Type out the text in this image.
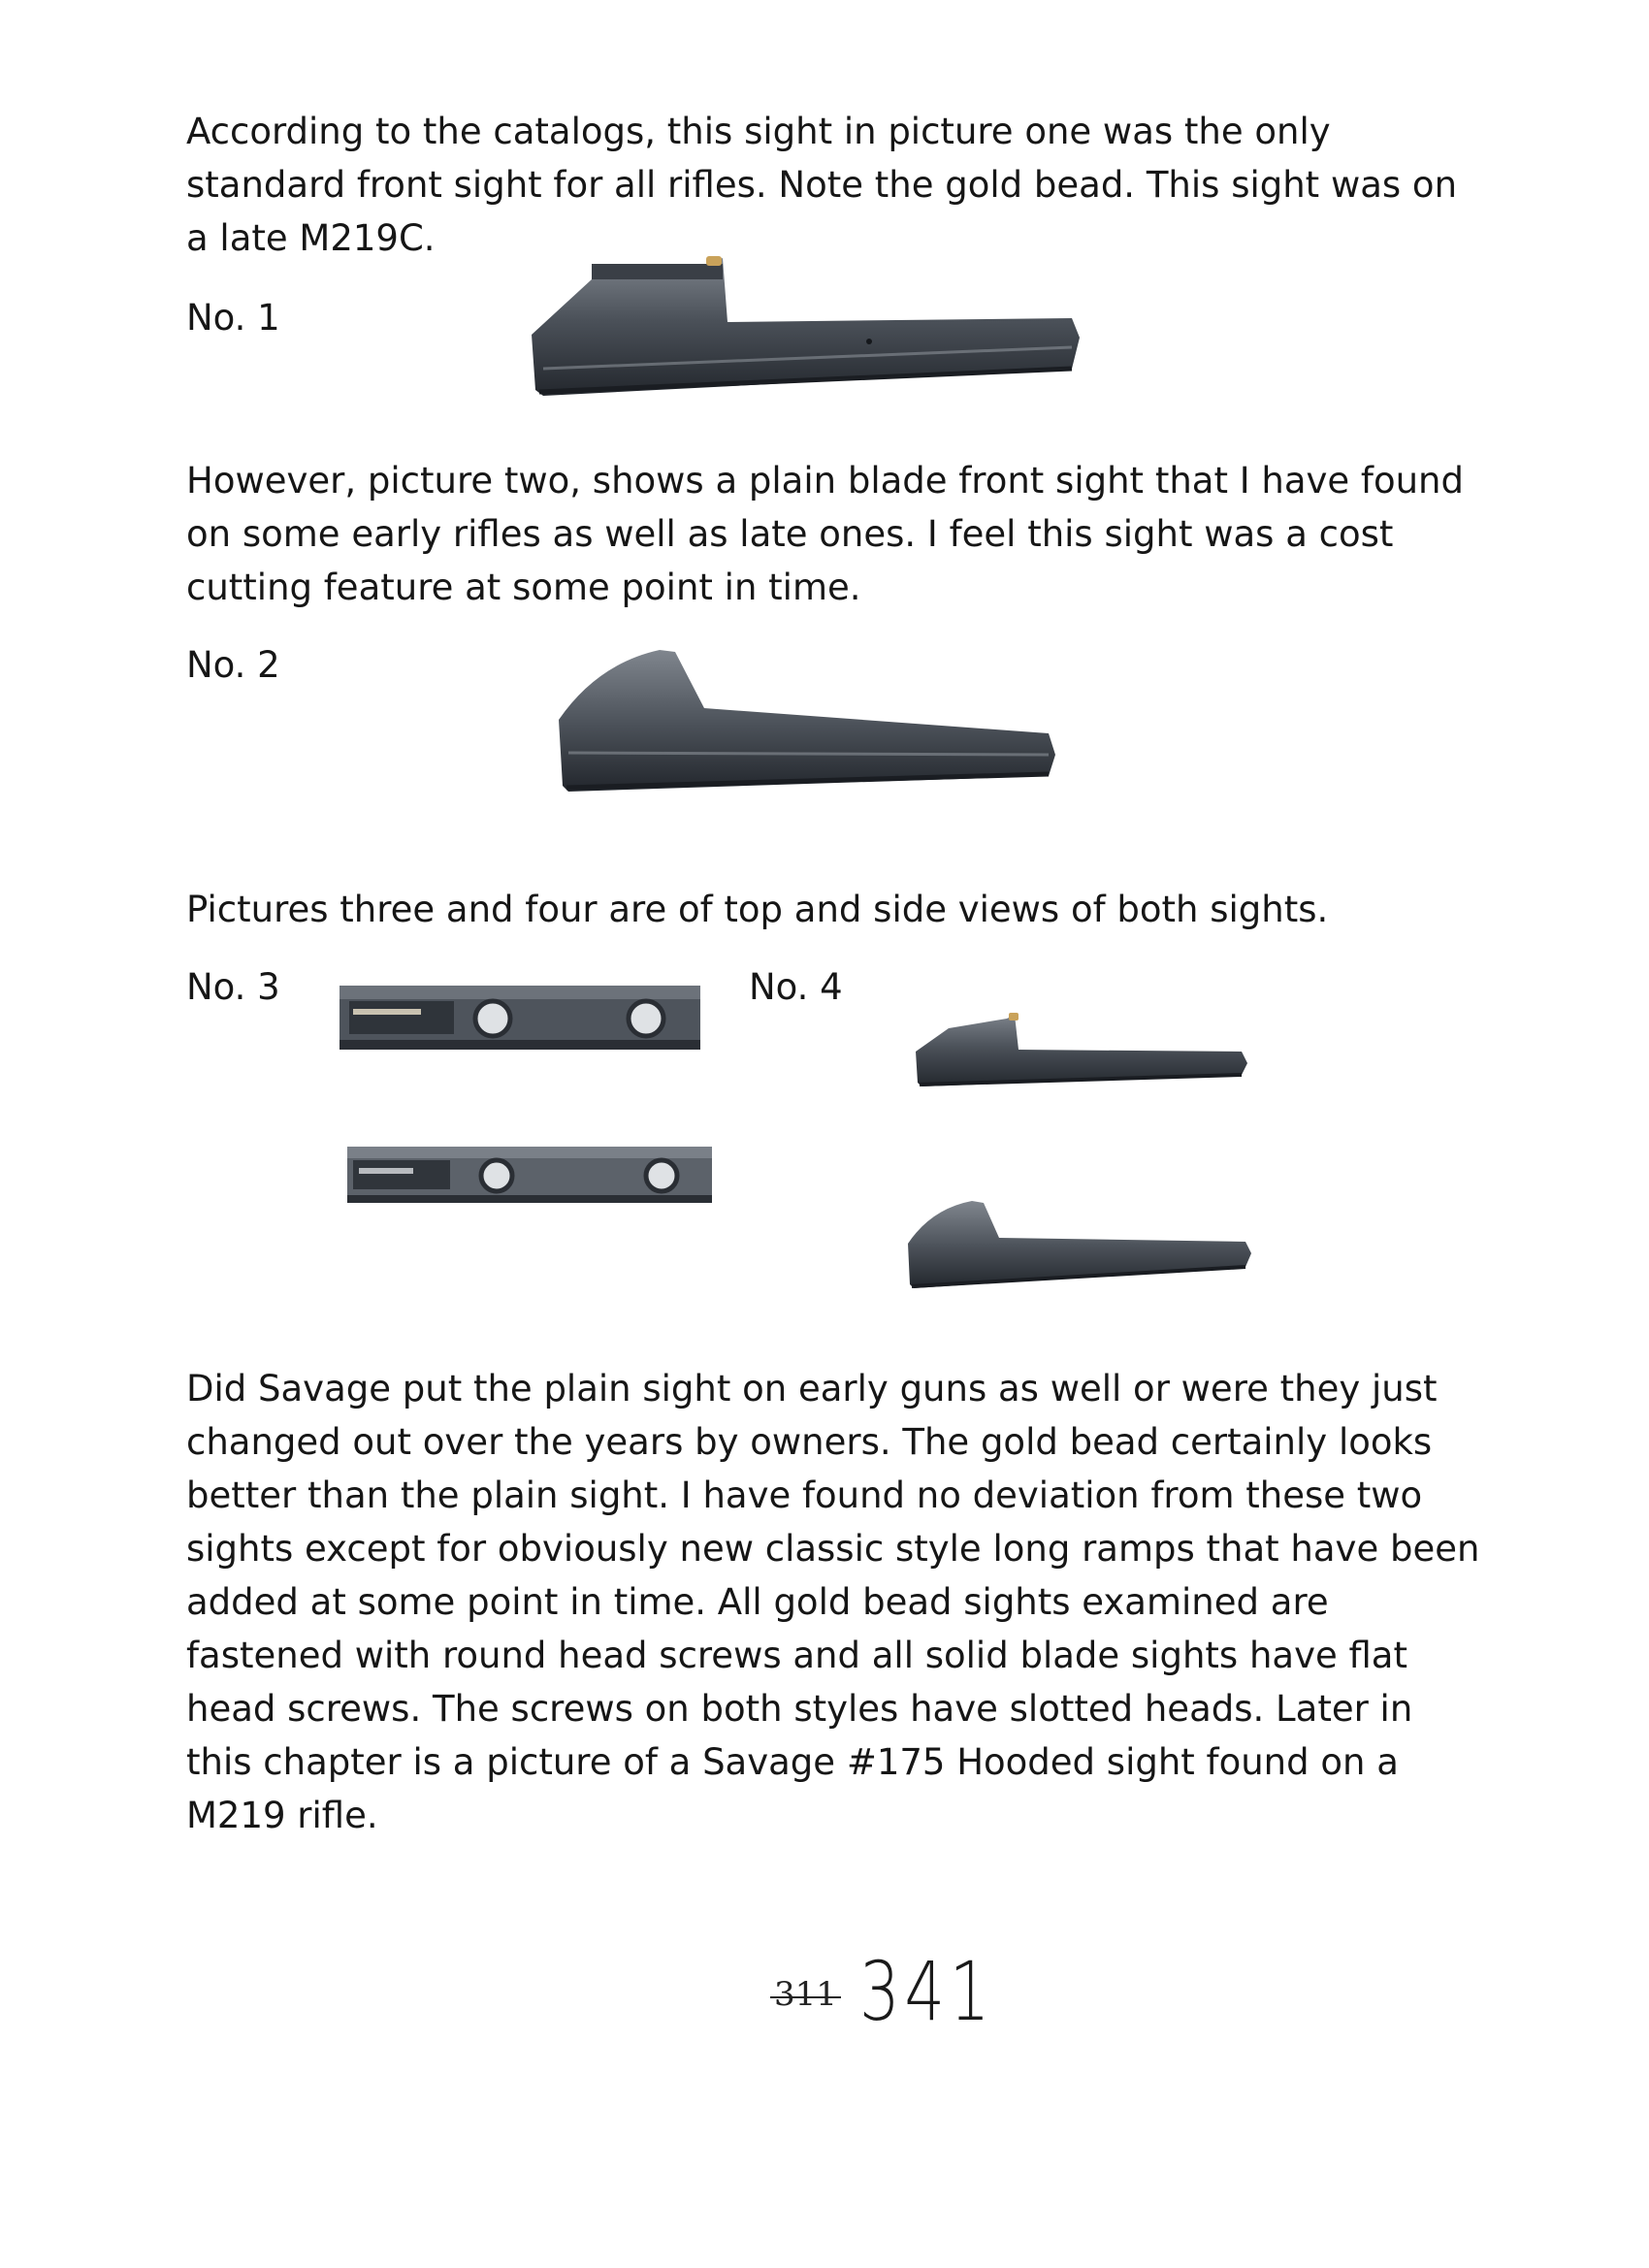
According to the catalogs, this sight in picture one was the only standard front sight for all rifles. Note the gold bead. This sight was on a late M219C.

No. 1

However, picture two, shows a plain blade front sight that I have found on some early rifles as well as late ones. I feel this sight was a cost cutting feature at some point in time.

No. 2

Pictures three and four are of top and side views of both sights.

No. 3	No. 4

Did Savage put the plain sight on early guns as well or were they just changed out over the years by owners. The gold bead certainly looks better than the plain sight. I have found no deviation from these two sights except for obviously new classic style long ramps that have been added at some point in time. All gold bead sights examined are fastened with round head screws and all solid blade sights have flat head screws. The screws on both styles have slotted heads. Later in this chapter is a picture of a Savage #175 Hooded sight found on a M219 rifle.

311 341
